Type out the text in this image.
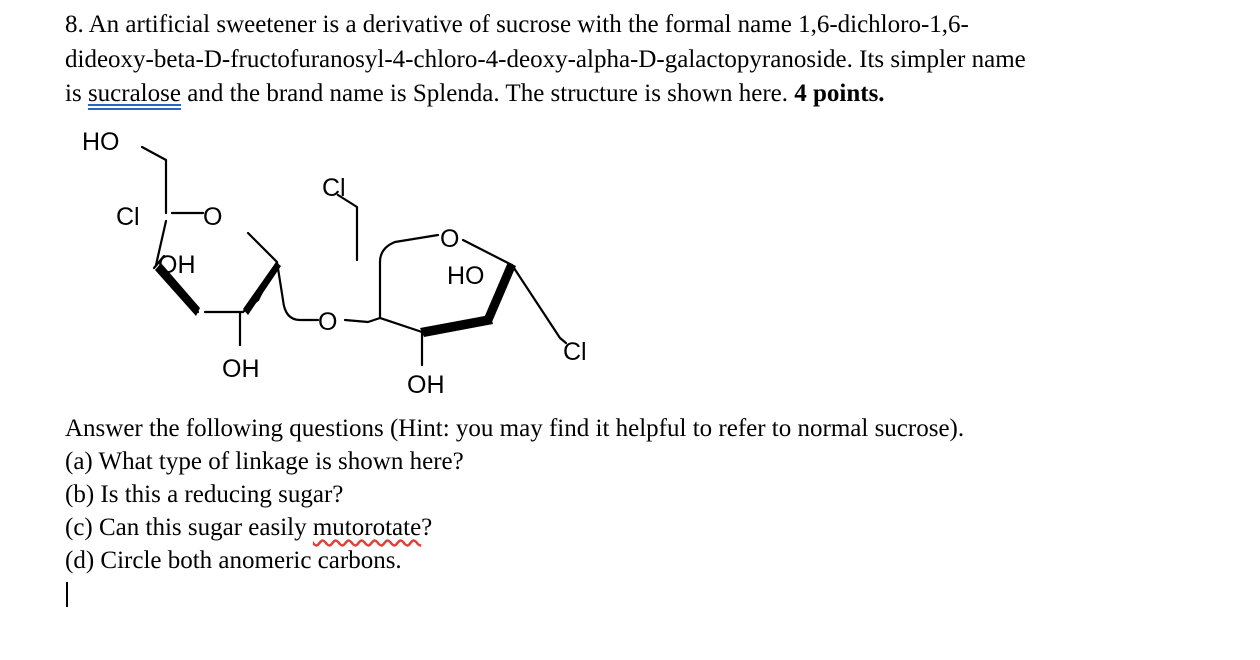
8. An artificial sweetener is a derivative of sucrose with the formal name 1,6-dichloro-1,6-
dideoxy-beta-D-fructofuranosyl-4-chloro-4-deoxy-alpha-D-galactopyranoside. Its simpler name
is sucralose and the brand name is Splenda. The structure is shown here. 4 points.
HO
Cl	O
OH
Cl
O
HO
O
Cl
OH
OH
Answer the following questions (Hint: you may find it helpful to refer to normal sucrose).
(a) What type of linkage is shown here?
(b) Is this a reducing sugar?
(c) Can this sugar easily mutorotate?
(d) Circle both anomeric carbons.
